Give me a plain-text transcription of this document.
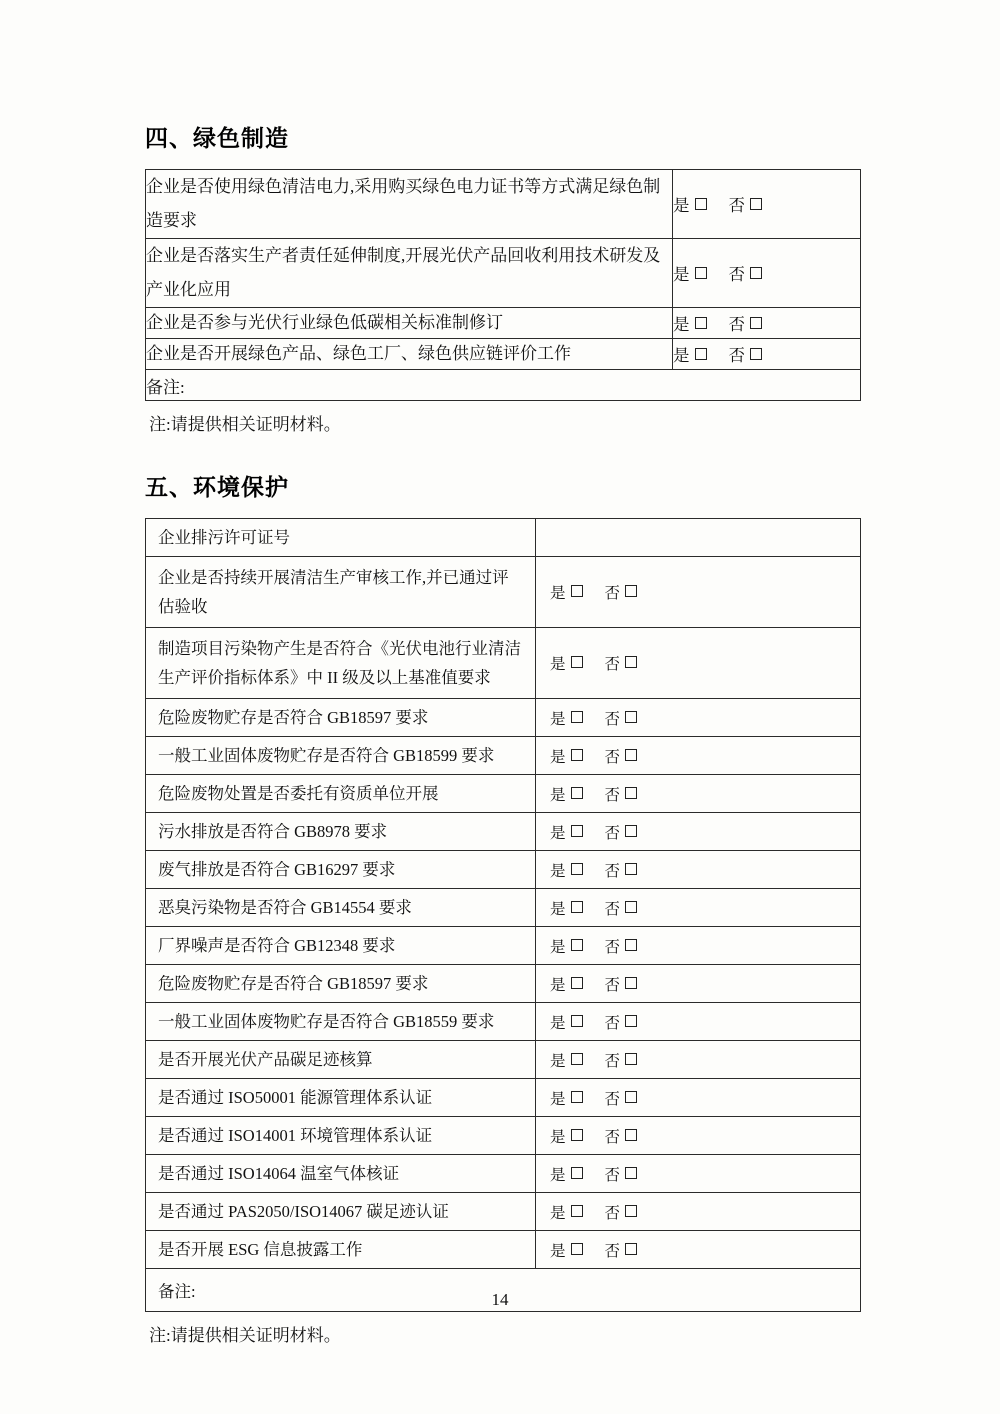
四、绿色制造
企业是否使用绿色清洁电力,采用购买绿色电力证书等方式满足绿色制造要求	是 否
企业是否落实生产者责任延伸制度,开展光伏产品回收利用技术研发及产业化应用	是 否
企业是否参与光伏行业绿色低碳相关标准制修订	是 否
企业是否开展绿色产品、绿色工厂、绿色供应链评价工作	是 否
备注:	
注:请提供相关证明材料。
五、环境保护
企业排污许可证号	
企业是否持续开展清洁生产审核工作,并已通过评估验收	是 否
制造项目污染物产生是否符合《光伏电池行业清洁生产评价指标体系》中 II 级及以上基准值要求	是 否
危险废物贮存是否符合 GB18597 要求	是 否
一般工业固体废物贮存是否符合 GB18599 要求	是 否
危险废物处置是否委托有资质单位开展	是 否
污水排放是否符合 GB8978 要求	是 否
废气排放是否符合 GB16297 要求	是 否
恶臭污染物是否符合 GB14554 要求	是 否
厂界噪声是否符合 GB12348 要求	是 否
危险废物贮存是否符合 GB18597 要求	是 否
一般工业固体废物贮存是否符合 GB18559 要求	是 否
是否开展光伏产品碳足迹核算	是 否
是否通过 ISO50001 能源管理体系认证	是 否
是否通过 ISO14001 环境管理体系认证	是 否
是否通过 ISO14064 温室气体核证	是 否
是否通过 PAS2050/ISO14067 碳足迹认证	是 否
是否开展 ESG 信息披露工作	是 否
备注:	
注:请提供相关证明材料。
14
